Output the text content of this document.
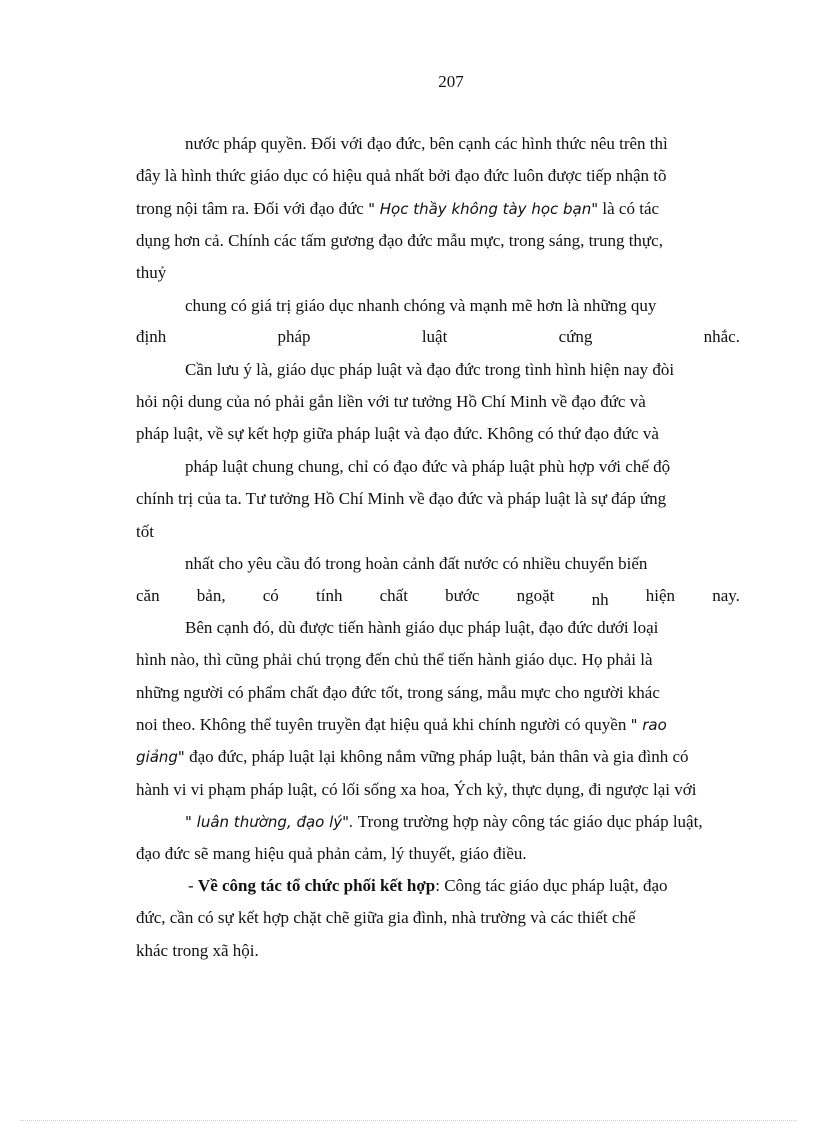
207
nước pháp quyền. Đối với đạo đức, bên cạnh các hình thức nêu trên thì
đây là hình thức giáo dục có hiệu quả nhất bởi đạo đức luôn được tiếp nhận tõ
trong nội tâm ra. Đối với đạo đức " Học thầy không tày học bạn" là có tác
dụng hơn cả. Chính các tấm gương đạo đức mẫu mực, trong sáng, trung thực,
thuỷ
chung có giá trị giáo dục nhanh chóng và mạnh mẽ hơn là những quy
định	pháp	luật	cứng	nhắc.
Cần lưu ý là, giáo dục pháp luật và đạo đức trong tình hình hiện nay đòi
hỏi nội dung của nó phải gắn liền với tư tưởng Hồ Chí Minh về đạo đức và
pháp luật, về sự kết hợp giữa pháp luật và đạo đức. Không có thứ đạo đức và
pháp luật chung chung, chỉ có đạo đức và pháp luật phù hợp với chế độ
chính trị của ta. Tư tưởng Hồ Chí Minh về đạo đức và pháp luật là sự đáp ứng
tốt
nhất cho yêu cầu đó trong hoàn cảnh đất nước có nhiều chuyển biến
căn bản, có tính chất bước ngoặt nh hiện nay.
Bên cạnh đó, dù được tiến hành giáo dục pháp luật, đạo đức dưới loại
hình nào, thì cũng phải chú trọng đến chủ thể tiến hành giáo dục. Họ phải là
những người có phẩm chất đạo đức tốt, trong sáng, mẫu mực cho người khác
noi theo. Không thể tuyên truyền đạt hiệu quả khi chính người có quyền " rao
giảng" đạo đức, pháp luật lại không nắm vững pháp luật, bản thân và gia đình có
hành vi vi phạm pháp luật, có lối sống xa hoa, Ých kỷ, thực dụng, đi ngược lại với
" luân thường, đạo lý". Trong trường hợp này công tác giáo dục pháp luật,
đạo đức sẽ mang hiệu quả phản cảm, lý thuyết, giáo điều.
- Về công tác tổ chức phối kết hợp: Công tác giáo dục pháp luật, đạo
đức, cần có sự kết hợp chặt chẽ giữa gia đình, nhà trường và các thiết chế
khác trong xã hội.
